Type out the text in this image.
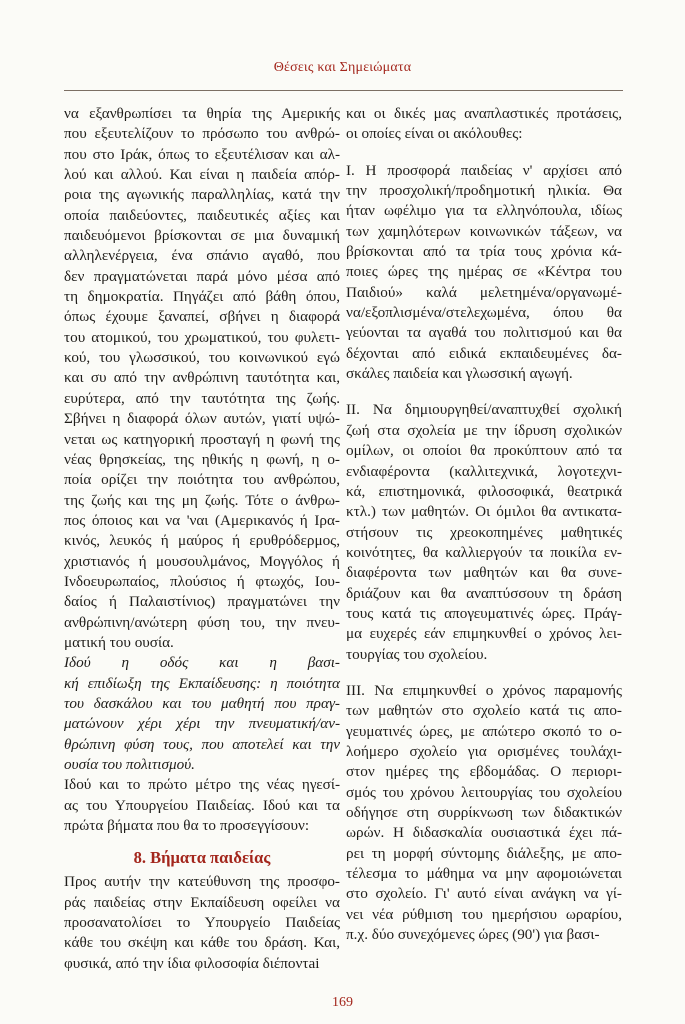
Θέσεις και Σημειώματα
να εξανθρωπίσει τα θηρία της Αμερικής
που εξευτελίζουν το πρόσωπο του ανθρώ-
που στο Ιράκ, όπως το εξευτέλισαν και αλ-
λού και αλλού. Και είναι η παιδεία απόρ-
ροια της αγωνικής παραλληλίας, κατά την
οποία παιδεύοντες, παιδευτικές αξίες και
παιδευόμενοι βρίσκονται σε μια δυναμική
αλληλενέργεια, ένα σπάνιο αγαθό, που
δεν πραγματώνεται παρά μόνο μέσα από
τη δημοκρατία. Πηγάζει από βάθη όπου,
όπως έχουμε ξαναπεί, σβήνει η διαφορά
του ατομικού, του χρωματικού, του φυλετι-
κού, του γλωσσικού, του κοινωνικού εγώ
και συ από την ανθρώπινη ταυτότητα και,
ευρύτερα, από την ταυτότητα της ζωής.
Σβήνει η διαφορά όλων αυτών, γιατί υψώ-
νεται ως κατηγορική προσταγή η φωνή της
νέας θρησκείας, της ηθικής η φωνή, η ο-
ποία ορίζει την ποιότητα του ανθρώπου,
της ζωής και της μη ζωής. Τότε ο άνθρω-
πος όποιος και να 'ναι (Αμερικανός ή Ιρα-
κινός, λευκός ή μαύρος ή ερυθρόδερμος,
χριστιανός ή μουσουλμάνος, Μογγόλος ή
Ινδοευρωπαίος, πλούσιος ή φτωχός, Ιου-
δαίος ή Παλαιστίνιος) πραγματώνει την
ανθρώπινη/ανώτερη φύση του, την πνευ-
ματική του ουσία.
Ιδού η οδός και η βασι-
κή επιδίωξη της Εκπαίδευσης: η ποιότητα
του δασκάλου και του μαθητή που πραγ-
ματώνουν χέρι χέρι την πνευματική/αν-
θρώπινη φύση τους, που αποτελεί και την
ουσία του πολιτισμού.
Ιδού και το πρώτο μέτρο της νέας ηγεσί-
ας του Υπουργείου Παιδείας. Ιδού και τα
πρώτα βήματα που θα το προσεγγίσουν:
8. Βήματα παιδείας
Προς αυτήν την κατεύθυνση της προσφο-
ράς παιδείας στην Εκπαίδευση οφείλει να
προσανατολίσει το Υπουργείο Παιδείας
κάθε του σκέψη και κάθε του δράση. Και,
φυσικά, από την ίδια φιλοσοφία διέποντai
και οι δικές μας αναπλαστικές προτάσεις,
οι οποίες είναι οι ακόλουθες:
Ι. Η προσφορά παιδείας ν' αρχίσει από
την προσχολική/προδημοτική ηλικία. Θα
ήταν ωφέλιμο για τα ελληνόπουλα, ιδίως
των χαμηλότερων κοινωνικών τάξεων, να
βρίσκονται από τα τρία τους χρόνια κά-
ποιες ώρες της ημέρας σε «Κέντρα του
Παιδιού» καλά μελετημένα/οργανωμέ-
να/εξοπλισμένα/στελεχωμένα, όπου θα
γεύονται τα αγαθά του πολιτισμού και θα
δέχονται από ειδικά εκπαιδευμένες δα-
σκάλες παιδεία και γλωσσική αγωγή.
ΙΙ. Να δημιουργηθεί/αναπτυχθεί σχολική
ζωή στα σχολεία με την ίδρυση σχολικών
ομίλων, οι οποίοι θα προκύπτουν από τα
ενδιαφέροντα (καλλιτεχνικά, λογοτεχνι-
κά, επιστημονικά, φιλοσοφικά, θεατρικά
κτλ.) των μαθητών. Οι όμιλοι θα αντικατα-
στήσουν τις χρεοκοπημένες μαθητικές
κοινότητες, θα καλλιεργούν τα ποικίλα εν-
διαφέροντα των μαθητών και θα συνε-
δριάζουν και θα αναπτύσσουν τη δράση
τους κατά τις απογευματινές ώρες. Πράγ-
μα ευχερές εάν επιμηκυνθεί ο χρόνος λει-
τουργίας του σχολείου.
ΙΙΙ. Να επιμηκυνθεί ο χρόνος παραμονής
των μαθητών στο σχολείο κατά τις απο-
γευματινές ώρες, με απώτερο σκοπό το ο-
λοήμερο σχολείο για ορισμένες τουλάχι-
στον ημέρες της εβδομάδας. Ο περιορι-
σμός του χρόνου λειτουργίας του σχολείου
οδήγησε στη συρρίκνωση των διδακτικών
ωρών. Η διδασκαλία ουσιαστικά έχει πά-
ρει τη μορφή σύντομης διάλεξης, με απο-
τέλεσμα το μάθημα να μην αφομοιώνεται
στο σχολείο. Γι' αυτό είναι ανάγκη να γί-
νει νέα ρύθμιση του ημερήσιου ωραρίου,
π.χ. δύο συνεχόμενες ώρες (90') για βασι-
169
